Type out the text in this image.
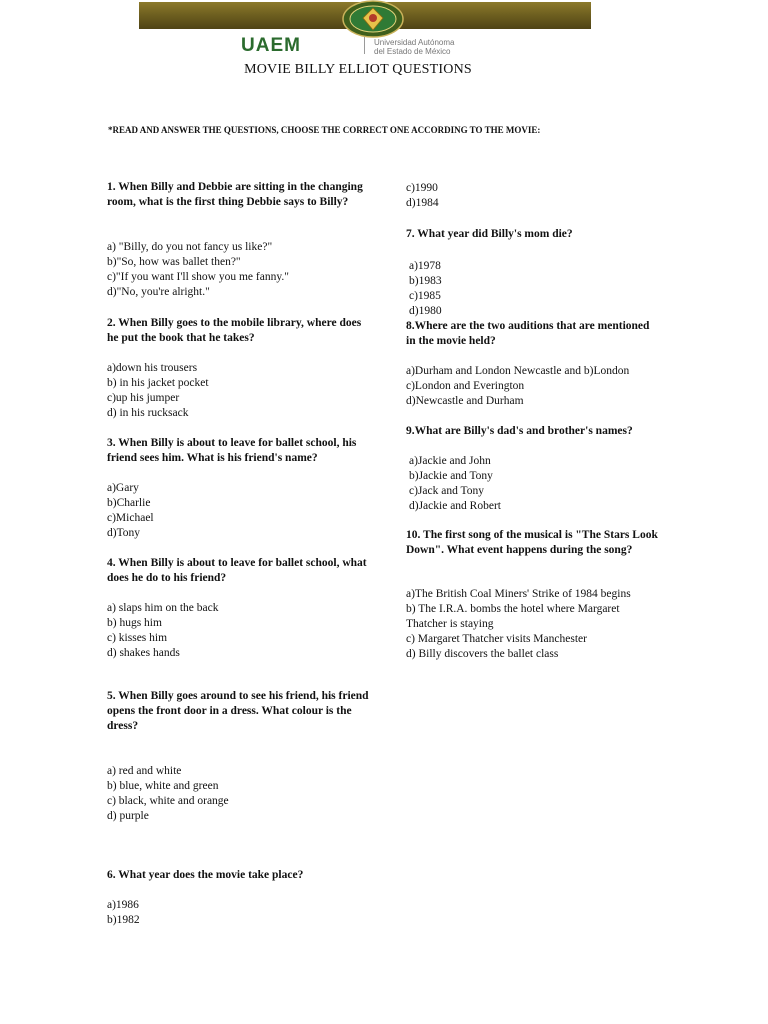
UAEM	Universidad Autónoma
del Estado de México
MOVIE BILLY ELLIOT QUESTIONS
*READ AND ANSWER THE QUESTIONS, CHOOSE THE CORRECT ONE ACCORDING TO THE MOVIE:
1. When Billy and Debbie are sitting in the changing room, what is the first thing Debbie says to Billy?
a) "Billy, do you not fancy us like?"
b)"So, how was ballet then?"
c)"If you want I'll show you me fanny."
d)"No, you're alright."
2. When Billy goes to the mobile library, where does he put the book that he takes?
a)down his trousers
b) in his jacket pocket
c)up his jumper
d) in his rucksack
3. When Billy is about to leave for ballet school, his friend sees him. What is his friend's name?
a)Gary
b)Charlie
c)Michael
d)Tony
4. When Billy is about to leave for ballet school, what does he do to his friend?
a) slaps him on the back
b) hugs him
c) kisses him
d) shakes hands
5. When Billy goes around to see his friend, his friend opens the front door in a dress. What colour is the dress?
a) red and white
b) blue, white and green
c) black, white and orange
d) purple
6. What year does the movie take place?
a)1986
b)1982
c)1990
d)1984
7. What year did Billy's mom die?
a)1978
b)1983
c)1985
d)1980
8.Where are the two auditions that are mentioned in the movie held?
a)Durham and London Newcastle and b)London
c)London and Everington
d)Newcastle and Durham
9.What are Billy's dad's and brother's names?
a)Jackie and John
b)Jackie and Tony
c)Jack and Tony
d)Jackie and Robert
10. The first song of the musical is "The Stars Look Down". What event happens during the song?
a)The British Coal Miners' Strike of 1984 begins
b) The I.R.A. bombs the hotel where Margaret Thatcher is staying
c) Margaret Thatcher visits Manchester
d) Billy discovers the ballet class
